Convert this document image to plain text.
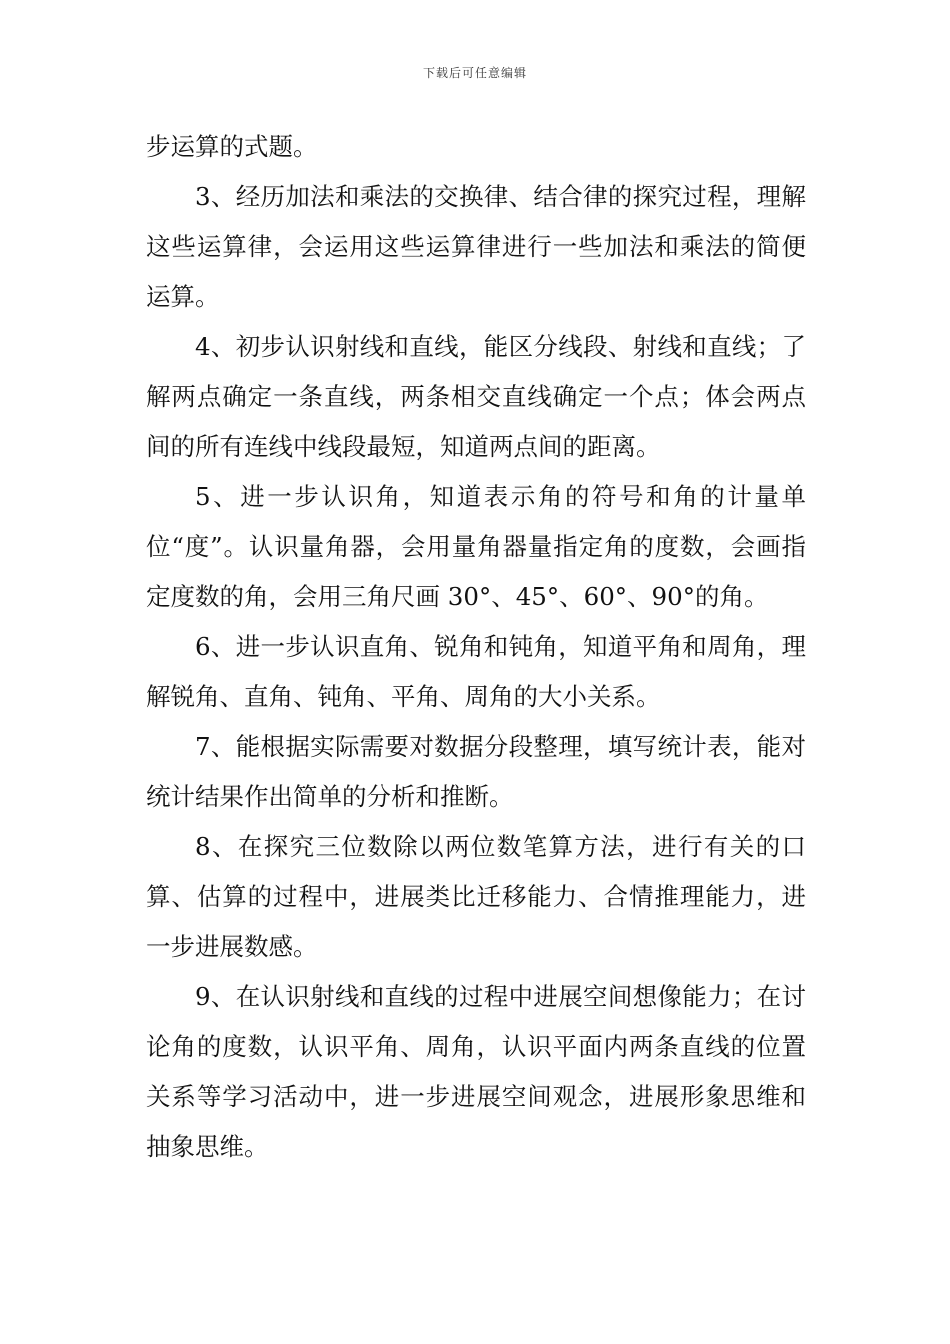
下载后可任意编辑

步运算的式题。

3、经历加法和乘法的交换律、结合律的探究过程，理解这些运算律，会运用这些运算律进行一些加法和乘法的简便运算。

4、初步认识射线和直线，能区分线段、射线和直线；了解两点确定一条直线，两条相交直线确定一个点；体会两点间的所有连线中线段最短，知道两点间的距离。

5、进一步认识角，知道表示角的符号和角的计量单位“度”。认识量角器，会用量角器量指定角的度数，会画指定度数的角，会用三角尺画 30°、45°、60°、90°的角。

6、进一步认识直角、锐角和钝角，知道平角和周角，理解锐角、直角、钝角、平角、周角的大小关系。

7、能根据实际需要对数据分段整理，填写统计表，能对统计结果作出简单的分析和推断。

8、在探究三位数除以两位数笔算方法，进行有关的口算、估算的过程中，进展类比迁移能力、合情推理能力，进一步进展数感。

9、在认识射线和直线的过程中进展空间想像能力；在讨论角的度数，认识平角、周角，认识平面内两条直线的位置关系等学习活动中，进一步进展空间观念，进展形象思维和抽象思维。
